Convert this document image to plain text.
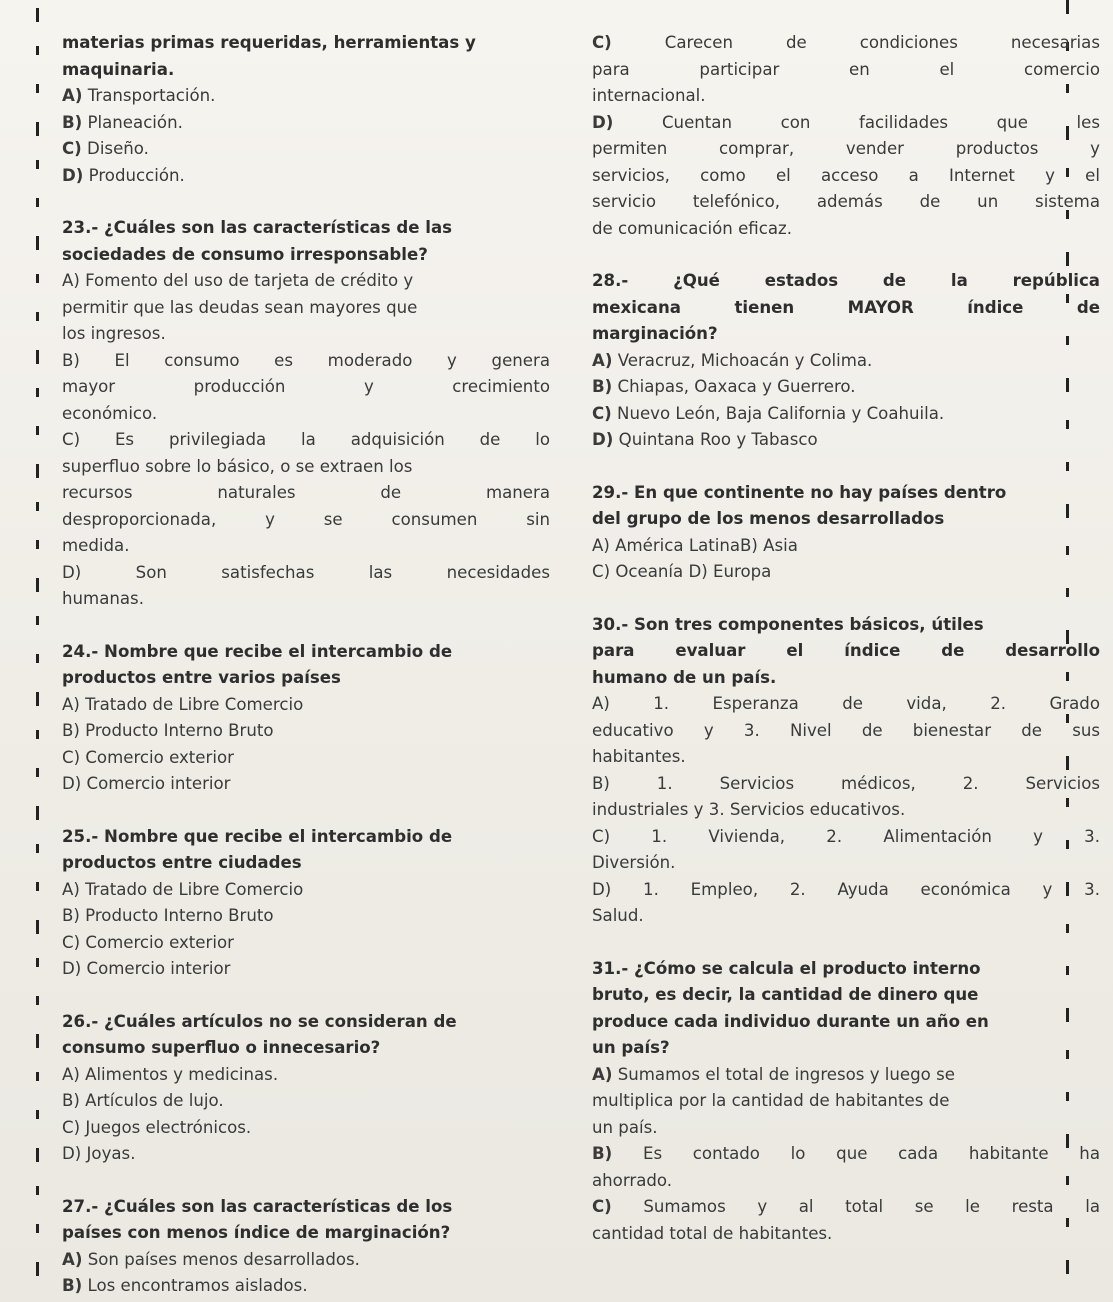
materias primas requeridas, herramientas y

maquinaria.

A) Transportación.

B) Planeación.

C) Diseño.

D) Producción.

23.- ¿Cuáles son las características de las

sociedades de consumo irresponsable?

A) Fomento del uso de tarjeta de crédito y

permitir que las deudas sean mayores que

los ingresos.

B) El consumo es moderado y genera

mayor producción y crecimiento

económico.

C) Es privilegiada la adquisición de lo

superfluo sobre lo básico, o se extraen los

recursos naturales de manera

desproporcionada, y se consumen sin

medida.

D) Son satisfechas las necesidades

humanas.

24.- Nombre que recibe el intercambio de

productos entre varios países

A) Tratado de Libre Comercio

B) Producto Interno Bruto

C) Comercio exterior

D) Comercio interior

25.- Nombre que recibe el intercambio de

productos entre ciudades

A) Tratado de Libre Comercio

B) Producto Interno Bruto

C) Comercio exterior

D) Comercio interior

26.- ¿Cuáles artículos no se consideran de

consumo superfluo o innecesario?

A) Alimentos y medicinas.

B) Artículos de lujo.

C) Juegos electrónicos.

D) Joyas.

27.- ¿Cuáles son las características de los

países con menos índice de marginación?

A) Son países menos desarrollados.

B) Los encontramos aislados.

C) Carecen de condiciones necesarias

para participar en el comercio

internacional.

D) Cuentan con facilidades que les

permiten comprar, vender productos y

servicios, como el acceso a Internet y el

servicio telefónico, además de un sistema

de comunicación eficaz.

28.- ¿Qué estados de la república

mexicana tienen MAYOR índice de

marginación?

A) Veracruz, Michoacán y Colima.

B) Chiapas, Oaxaca y Guerrero.

C) Nuevo León, Baja California y Coahuila.

D) Quintana Roo y Tabasco

29.- En que continente no hay países dentro

del grupo de los menos desarrollados

A) América LatinaB) Asia

C) Oceanía D) Europa

30.- Son tres componentes básicos, útiles

para evaluar el índice de desarrollo

humano de un país.

A) 1. Esperanza de vida, 2. Grado

educativo y 3. Nivel de bienestar de sus

habitantes.

B) 1. Servicios médicos, 2. Servicios

industriales y 3. Servicios educativos.

C) 1. Vivienda, 2. Alimentación y 3.

Diversión.

D) 1. Empleo, 2. Ayuda económica y 3.

Salud.

31.- ¿Cómo se calcula el producto interno

bruto, es decir, la cantidad de dinero que

produce cada individuo durante un año en

un país?

A) Sumamos el total de ingresos y luego se

multiplica por la cantidad de habitantes de

un país.

B) Es contado lo que cada habitante ha

ahorrado.

C) Sumamos y al total se le resta la

cantidad total de habitantes.
